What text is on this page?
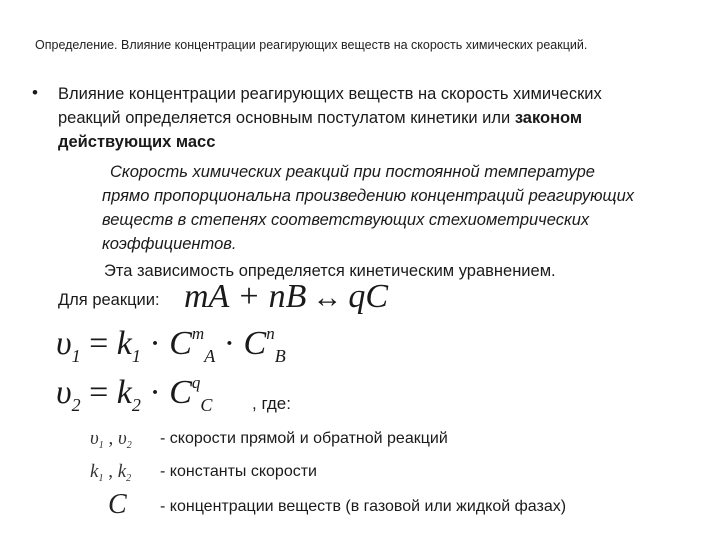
Определение. Влияние концентрации реагирующих веществ на скорость химических реакций.
• Влияние концентрации реагирующих веществ на скорость химических
реакций определяется основным постулатом кинетики или законом
действующих масс
Скорость химических реакций при постоянной температуре
прямо пропорциональна произведению концентраций реагирующих
веществ в степенях соответствующих стехиометрических
коэффициентов.
Эта зависимость определяется кинетическим уравнением.
Для реакции: mA + nB ↔ qC
$\upsilon_1 = k_1 \cdot C^m_A \cdot C^n_B$
$\upsilon_2 = k_2 \cdot C^q_C$ , где:
$\upsilon_1$ , $\upsilon_2$ - скорости прямой и обратной реакций
$k_1$ , $k_2$ - константы скорости
C - концентрации веществ (в газовой или жидкой фазах)
